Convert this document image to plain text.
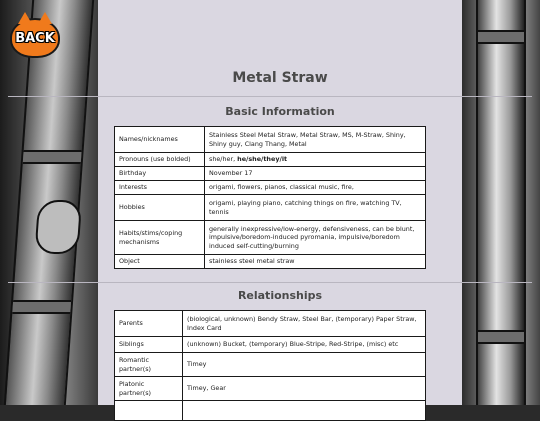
BACK
Metal Straw
Basic Information
Names/nicknames	Stainless Steel Metal Straw, Metal Straw, MS, M-Straw, Shiny, Shiny guy, Clang Thang, Metal
Pronouns (use bolded)	she/her, he/she/they/it
Birthday	November 17
Interests	origami, flowers, pianos, classical music, fire,
Hobbies	origami, playing piano, catching things on fire, watching TV, tennis
Habits/stims/coping mechanisms	generally inexpressive/low-energy, defensiveness, can be blunt, impulsive/boredom-induced pyromania, impulsive/boredom induced self-cutting/burning
Object	stainless steel metal straw
Relationships
Parents	(biological, unknown) Bendy Straw, Steel Bar, (temporary) Paper Straw, Index Card
Siblings	(unknown) Bucket, (temporary) Blue-Stripe, Red-Stripe, (misc) etc
Romantic partner(s)	Timey
Platonic partner(s)	Timey, Gear
